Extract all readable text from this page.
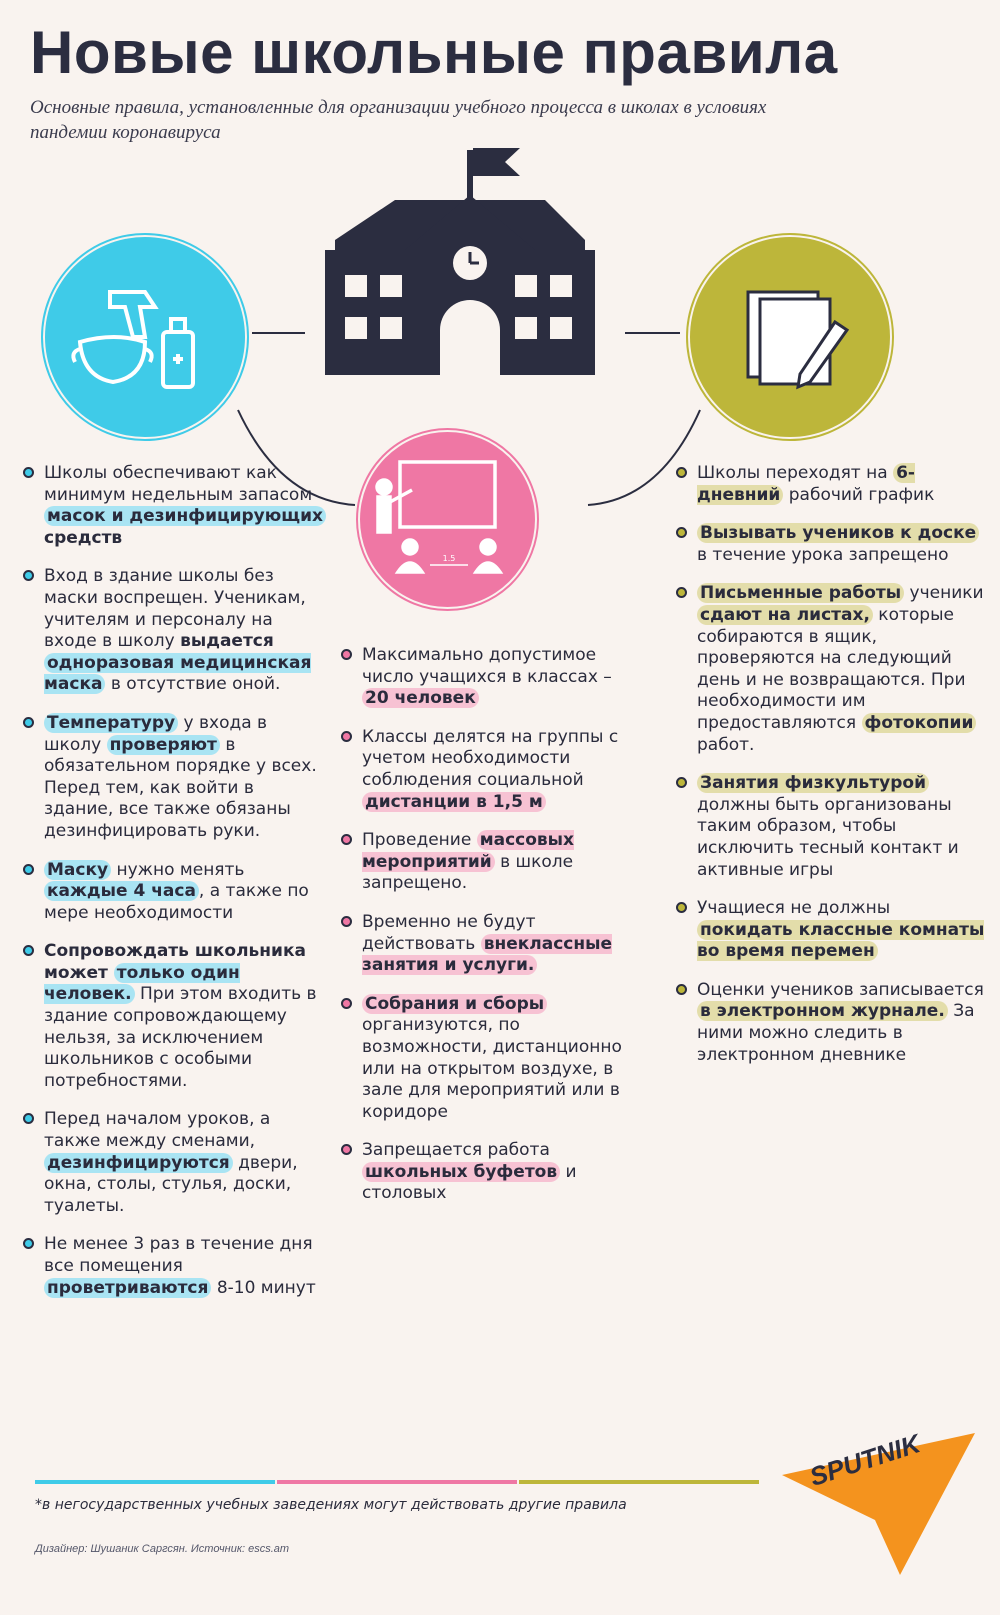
Новые школьные правила
Основные правила, установленные для организации учебного процесса в школах в условиях пандемии коронавируса
1.5
Школы обеспечивают как минимум недельным запасом масок и дезинфицирующих средств
Вход в здание школы без маски воспрещен. Ученикам, учителям и персоналу на входе в школу выдается одноразовая медицинская маска в отсутствие оной.
Температуру у входа в школу проверяют в обязательном порядке у всех. Перед тем, как войти в здание, все также обязаны дезинфицировать руки.
Маску нужно менять каждые 4 часа , а также по мере необходимости
Сопровождать школьника может только один человек. При этом входить в здание сопровождающему нельзя, за исключением школьников с особыми потребностями.
Перед началом уроков, а также между сменами, дезинфицируются двери, окна, столы, стулья, доски, туалеты.
Не менее 3 раз в течение дня все помещения проветриваются 8-10 минут
Максимально допустимое число учащихся в классах – 20 человек
Классы делятся на группы с учетом необходимости соблюдения социальной дистанции в 1,5 м
Проведение массовых мероприятий в школе запрещено.
Временно не будут действовать внеклассные занятия и услуги.
Собрания и сборы организуются, по возможности, дистанционно или на открытом воздухе, в зале для мероприятий или в коридоре
Запрещается работа школьных буфетов и столовых
Школы переходят на 6-дневний рабочий график
Вызывать учеников к доске в течение урока запрещено
Письменные работы ученики сдают на листах, которые собираются в ящик, проверяются на следующий день и не возвращаются. При необходимости им предоставляются фотокопии работ.
Занятия физкультурой должны быть организованы таким образом, чтобы исключить тесный контакт и активные игры
Учащиеся не должны покидать классные комнаты во время перемен
Оценки учеников записывается в электронном журнале. За ними можно следить в электронном дневнике
*в негосударственных учебных заведениях могут действовать другие правила
Дизайнер: Шушаник Саргсян. Источник: escs.am
SPUTNIK
